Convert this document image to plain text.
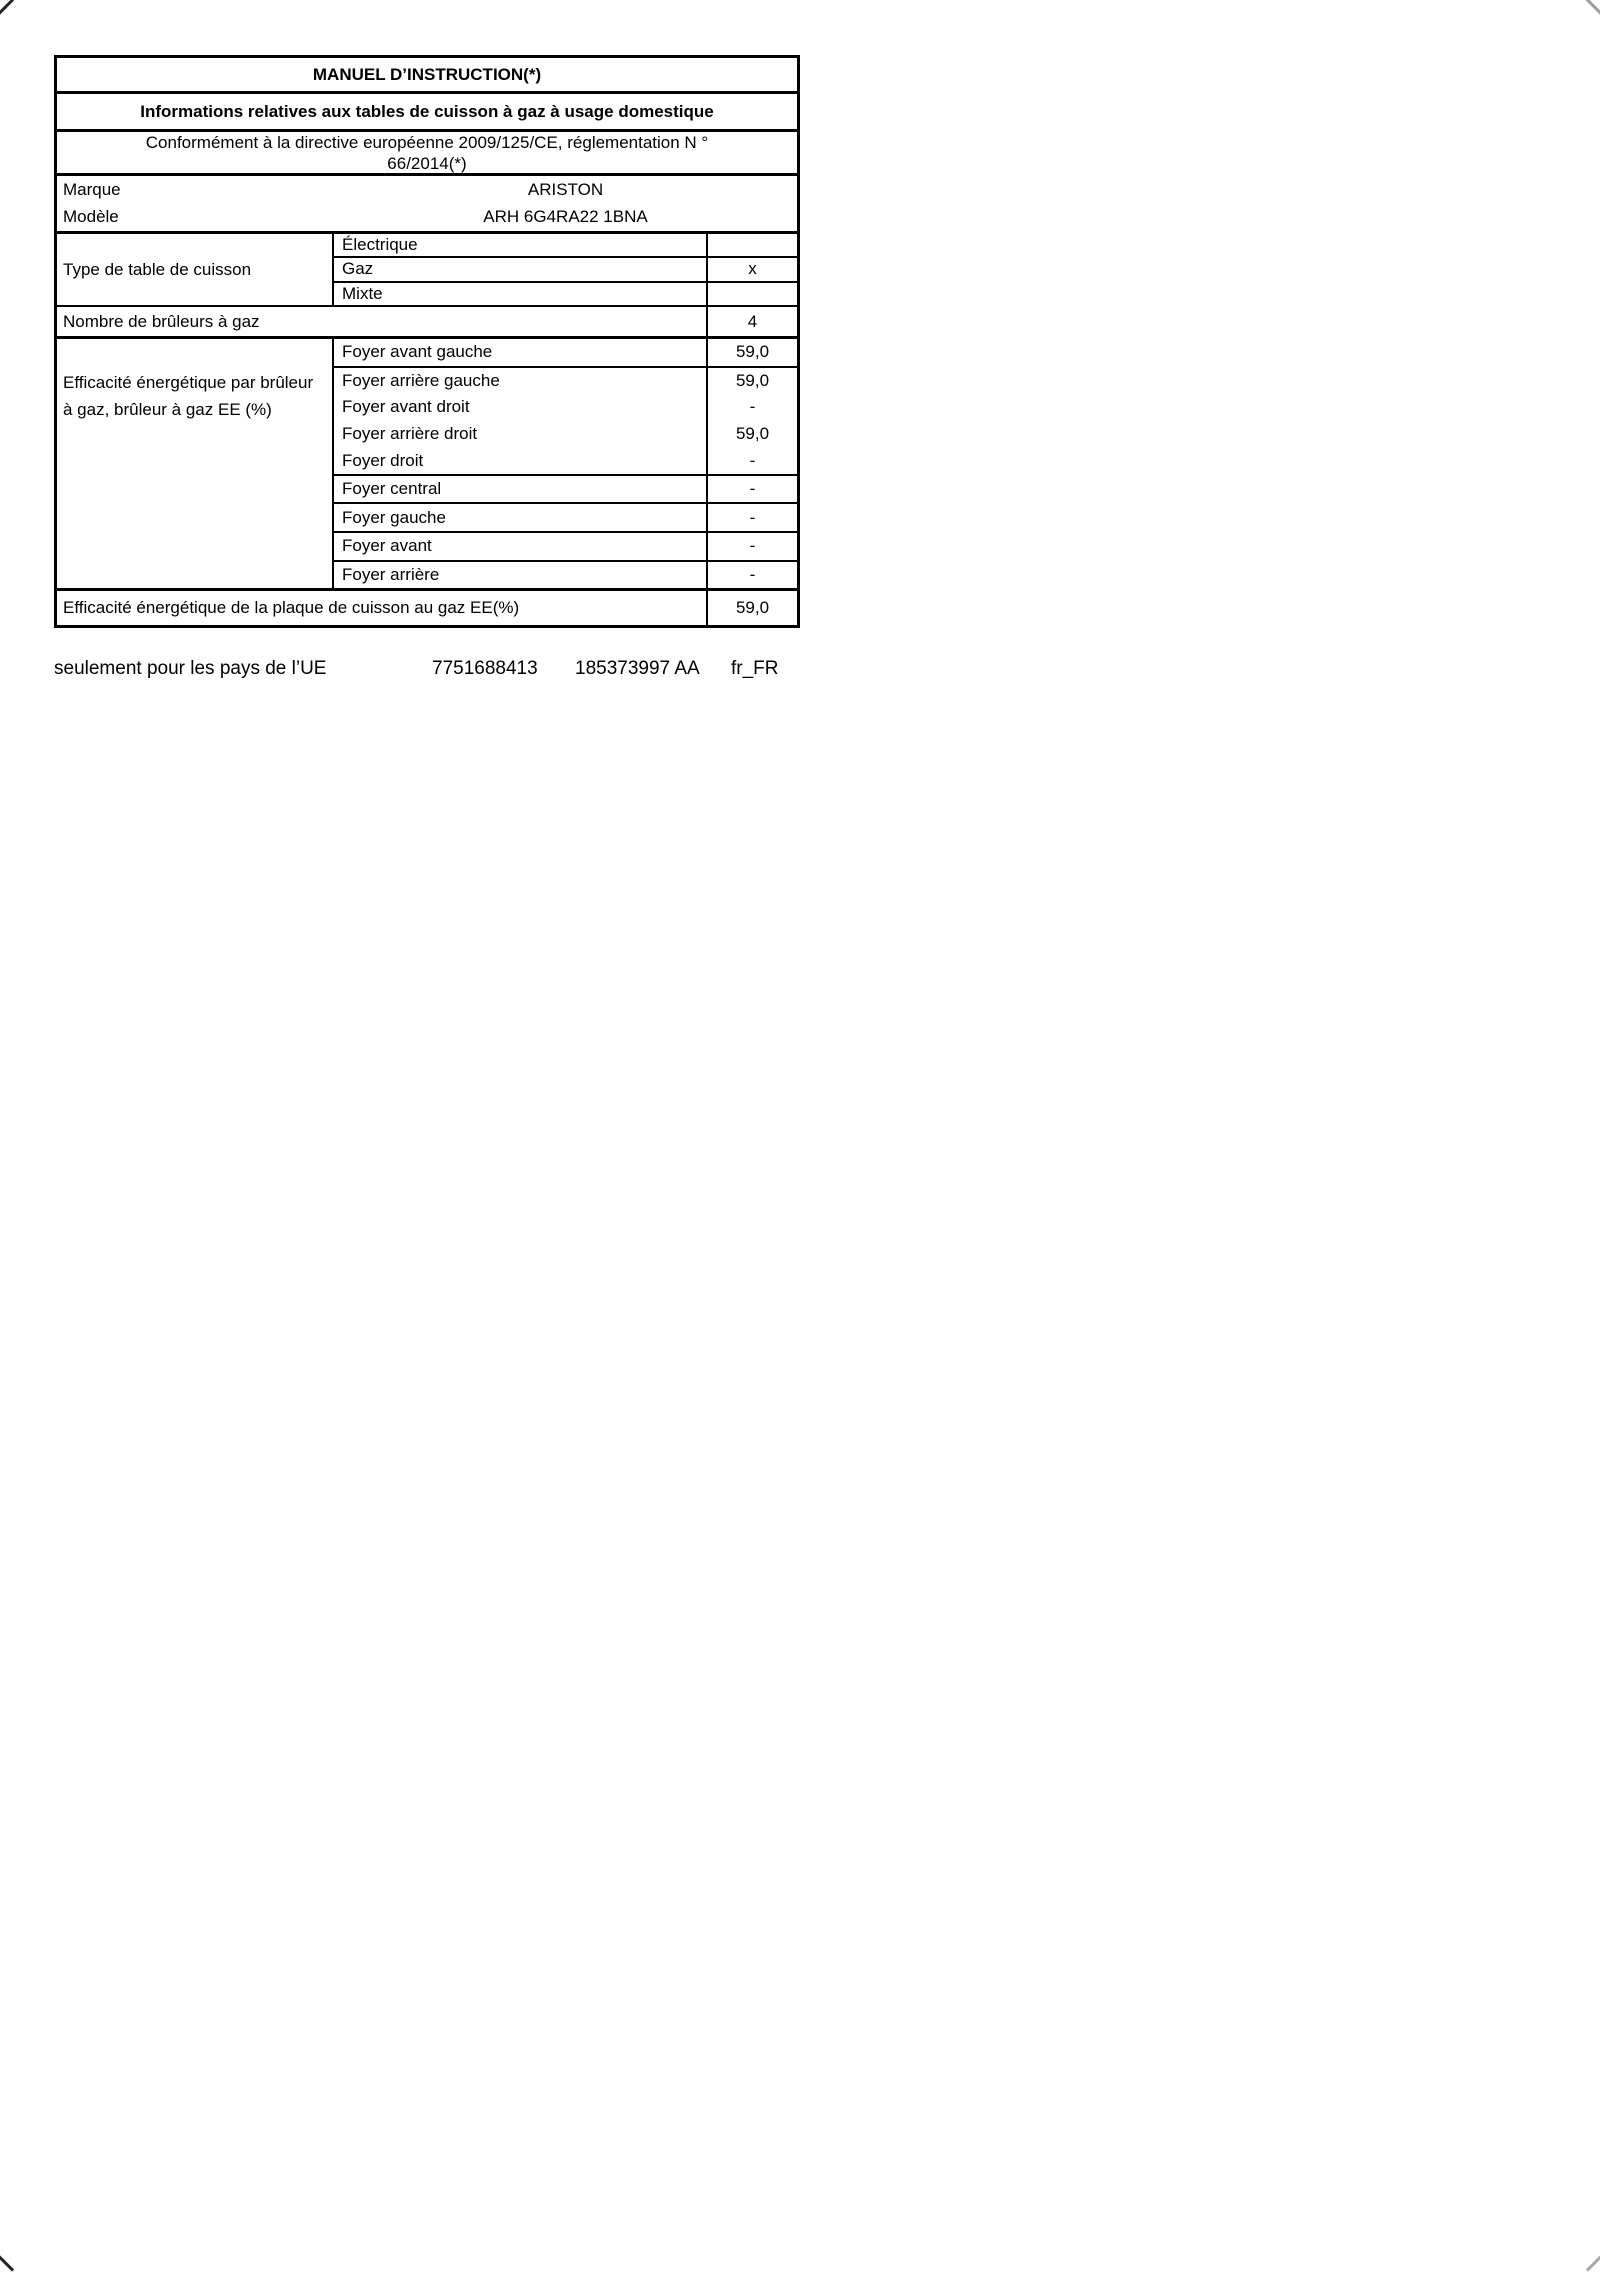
MANUEL D’INSTRUCTION(*)
Informations relatives aux tables de cuisson à gaz à usage domestique
Conformément à la directive européenne 2009/125/CE, réglementation N °
66/2014(*)
Marque	ARISTON
Modèle	ARH 6G4RA22 1BNA
Type de table de cuisson
Électrique
Gaz	x
Mixte
Nombre de brûleurs à gaz	4
Efficacité énergétique par brûleur
à gaz, brûleur à gaz EE (%)
Foyer avant gauche	59,0
Foyer arrière gauche	59,0
Foyer avant droit	-
Foyer arrière droit	59,0
Foyer droit	-
Foyer central	-
Foyer gauche	-
Foyer avant	-
Foyer arrière	-
Efficacité énergétique de la plaque de cuisson au gaz EE(%)	59,0
seulement pour les pays de l’UE	7751688413 185373997 AA fr_FR
